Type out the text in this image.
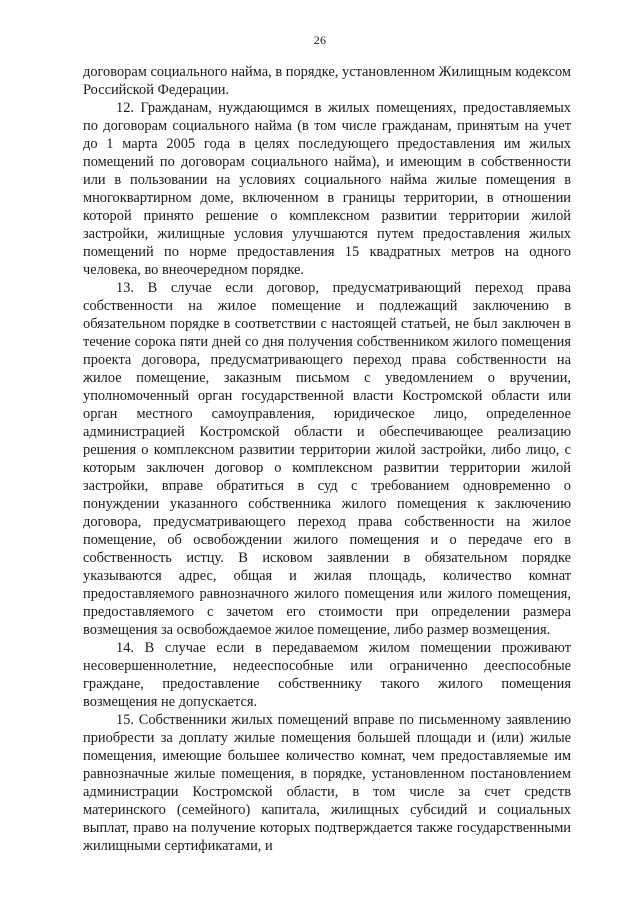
26

договорам социального найма, в порядке, установленном Жилищным кодексом Российской Федерации.

12. Гражданам, нуждающимся в жилых помещениях, предоставляемых по договорам социального найма (в том числе гражданам, принятым на учет до 1 марта 2005 года в целях последующего предоставления им жилых помещений по договорам социального найма), и имеющим в собственности или в пользовании на условиях социального найма жилые помещения в многоквартирном доме, включенном в границы территории, в отношении которой принято решение о комплексном развитии территории жилой застройки, жилищные условия улучшаются путем предоставления жилых помещений по норме предоставления 15 квадратных метров на одного человека, во внеочередном порядке.

13. В случае если договор, предусматривающий переход права собственности на жилое помещение и подлежащий заключению в обязательном порядке в соответствии с настоящей статьей, не был заключен в течение сорока пяти дней со дня получения собственником жилого помещения проекта договора, предусматривающего переход права собственности на жилое помещение, заказным письмом с уведомлением о вручении, уполномоченный орган государственной власти Костромской области или орган местного самоуправления, юридическое лицо, определенное администрацией Костромской области и обеспечивающее реализацию решения о комплексном развитии территории жилой застройки, либо лицо, с которым заключен договор о комплексном развитии территории жилой застройки, вправе обратиться в суд с требованием одновременно о понуждении указанного собственника жилого помещения к заключению договора, предусматривающего переход права собственности на жилое помещение, об освобождении жилого помещения и о передаче его в собственность истцу. В исковом заявлении в обязательном порядке указываются адрес, общая и жилая площадь, количество комнат предоставляемого равнозначного жилого помещения или жилого помещения, предоставляемого с зачетом его стоимости при определении размера возмещения за освобождаемое жилое помещение, либо размер возмещения.

14. В случае если в передаваемом жилом помещении проживают несовершеннолетние, недееспособные или ограниченно дееспособные граждане, предоставление собственнику такого жилого помещения возмещения не допускается.

15. Собственники жилых помещений вправе по письменному заявлению приобрести за доплату жилые помещения большей площади и (или) жилые помещения, имеющие большее количество комнат, чем предоставляемые им равнозначные жилые помещения, в порядке, установленном постановлением администрации Костромской области, в том числе за счет средств материнского (семейного) капитала, жилищных субсидий и социальных выплат, право на получение которых подтверждается также государственными жилищными сертификатами, и
